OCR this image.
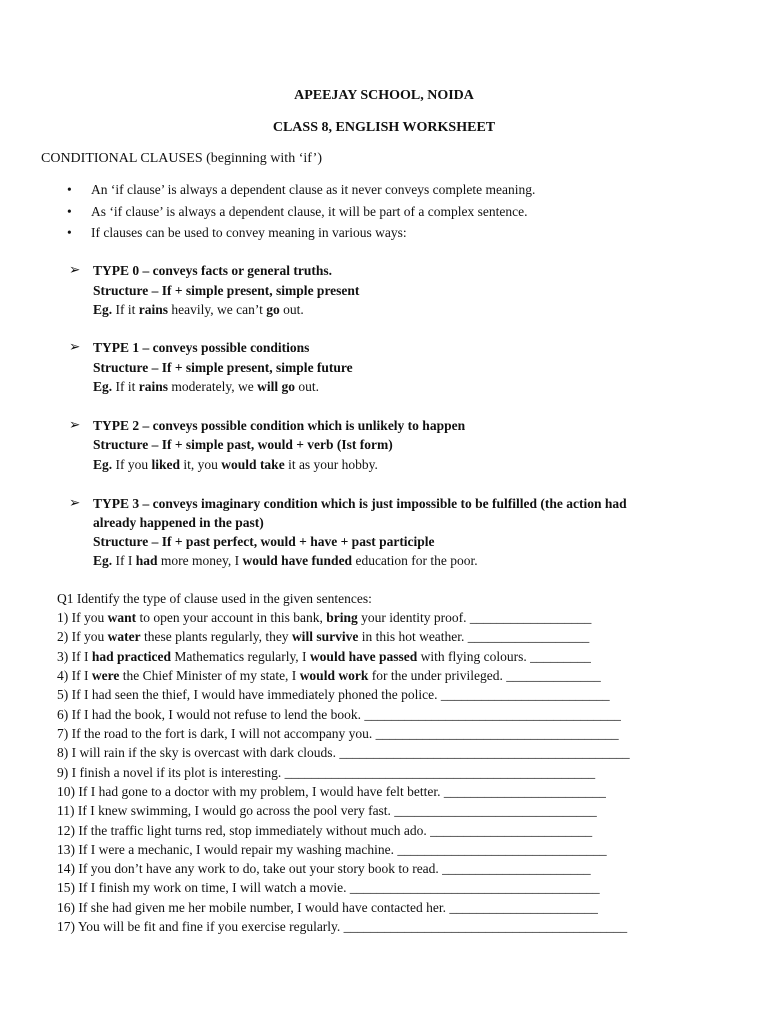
APEEJAY SCHOOL, NOIDA
CLASS 8, ENGLISH WORKSHEET
CONDITIONAL CLAUSES (beginning with ‘if’)
• An ‘if clause’ is always a dependent clause as it never conveys complete meaning.
• As ‘if clause’ is always a dependent clause, it will be part of a complex sentence.
• If clauses can be used to convey meaning in various ways:
➢ TYPE 0 – conveys facts or general truths.
Structure – If + simple present, simple present
Eg. If it rains heavily, we can’t go out.
➢ TYPE 1 – conveys possible conditions
Structure – If + simple present, simple future
Eg. If it rains moderately, we will go out.
➢ TYPE 2 – conveys possible condition which is unlikely to happen
Structure – If + simple past, would + verb (Ist form)
Eg. If you liked it, you would take it as your hobby.
➢ TYPE 3 – conveys imaginary condition which is just impossible to be fulfilled (the action had
already happened in the past)
Structure – If + past perfect, would + have + past participle
Eg. If I had more money, I would have funded education for the poor.
Q1 Identify the type of clause used in the given sentences:
1) If you want to open your account in this bank, bring your identity proof. __________________
2) If you water these plants regularly, they will survive in this hot weather. __________________
3) If I had practiced Mathematics regularly, I would have passed with flying colours. _________
4) If I were the Chief Minister of my state, I would work for the under privileged. ______________
5) If I had seen the thief, I would have immediately phoned the police. _________________________
6) If I had the book, I would not refuse to lend the book. ______________________________________
7) If the road to the fort is dark, I will not accompany you. ____________________________________
8) I will rain if the sky is overcast with dark clouds. ___________________________________________
9) I finish a novel if its plot is interesting. ______________________________________________
10) If I had gone to a doctor with my problem, I would have felt better. ________________________
11) If I knew swimming, I would go across the pool very fast. ______________________________
12) If the traffic light turns red, stop immediately without much ado. ________________________
13) If I were a mechanic, I would repair my washing machine. _______________________________
14) If you don’t have any work to do, take out your story book to read. ______________________
15) If I finish my work on time, I will watch a movie. _____________________________________
16) If she had given me her mobile number, I would have contacted her. ______________________
17) You will be fit and fine if you exercise regularly. __________________________________________
